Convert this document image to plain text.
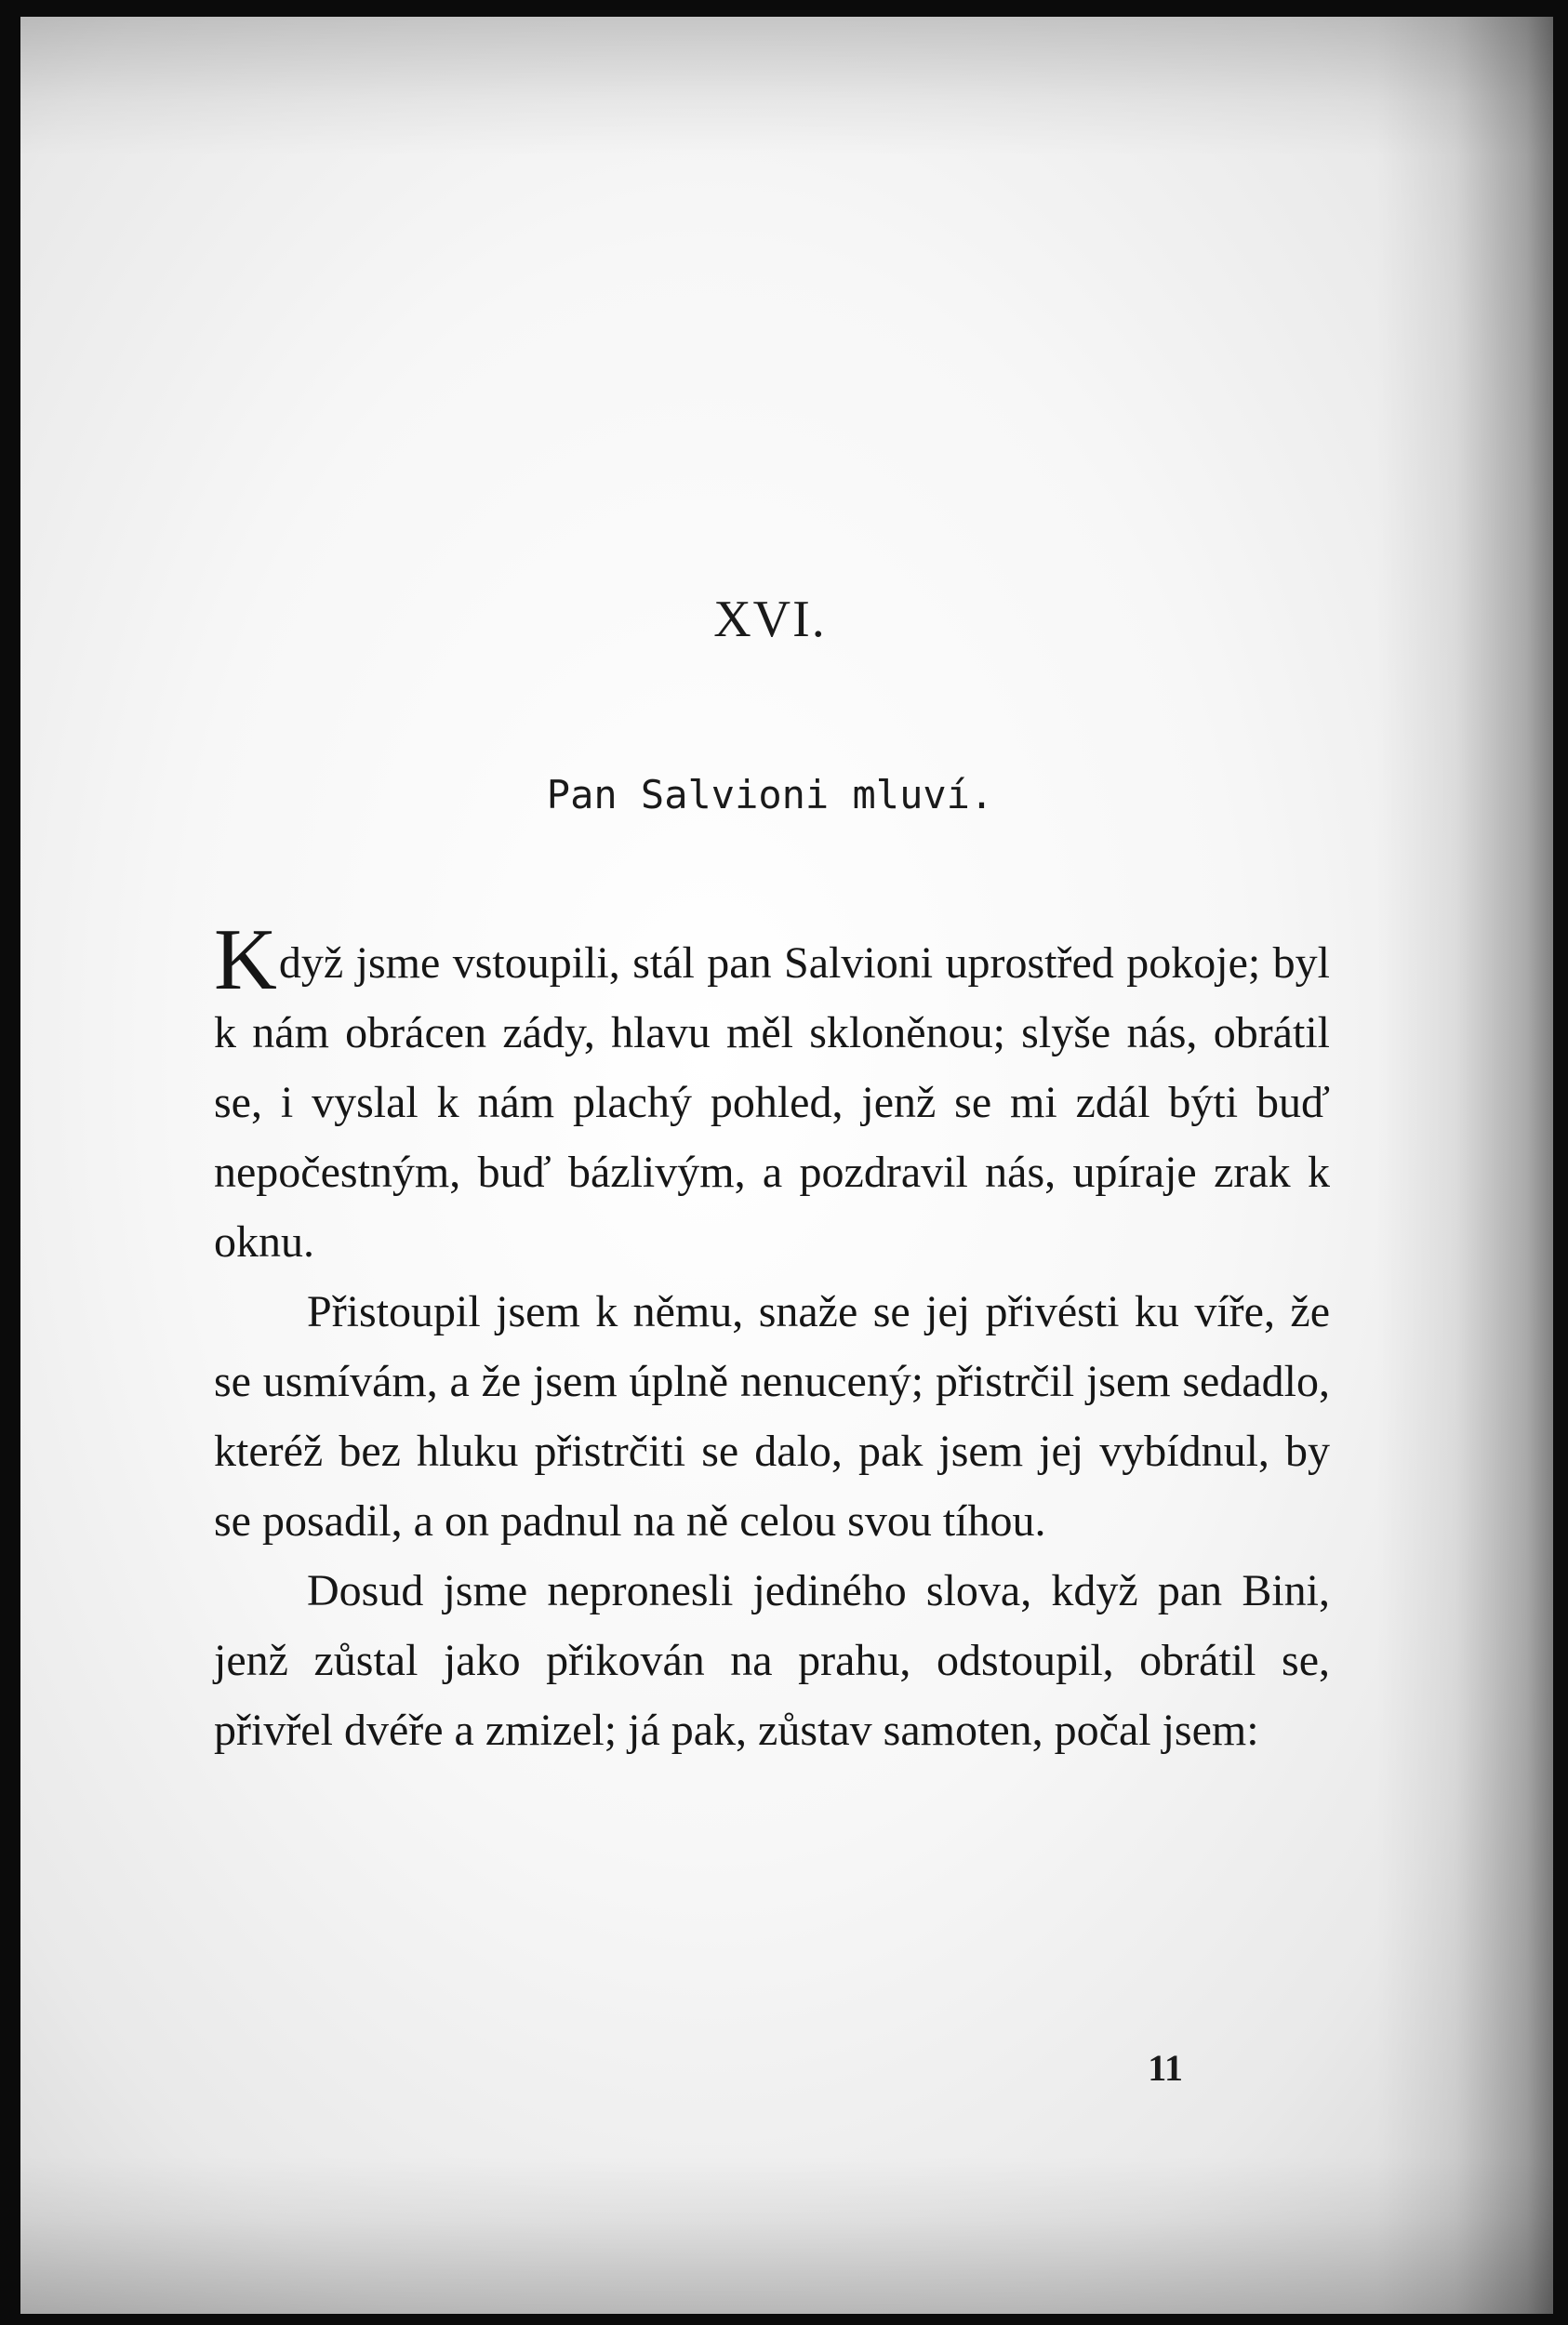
XVI.
Pan Salvioni mluví.

Když jsme vstoupili, stál pan Salvioni uprostřed pokoje; byl k nám obrácen zády, hlavu měl skloněnou; slyše nás, obrátil se, i vyslal k nám plachý pohled, jenž se mi zdál býti buď nepočestným, buď bázlivým, a pozdravil nás, upíraje zrak k oknu.

Přistoupil jsem k němu, snaže se jej přivésti ku víře, že se usmívám, a že jsem úplně nenucený; přistrčil jsem sedadlo, kteréž bez hluku přistrčiti se dalo, pak jsem jej vybídnul, by se posadil, a on padnul na ně celou svou tíhou.

Dosud jsme nepronesli jediného slova, když pan Bini, jenž zůstal jako přikován na prahu, odstoupil, obrátil se, přivřel dvéře a zmizel; já pak, zůstav samoten, počal jsem:

11
